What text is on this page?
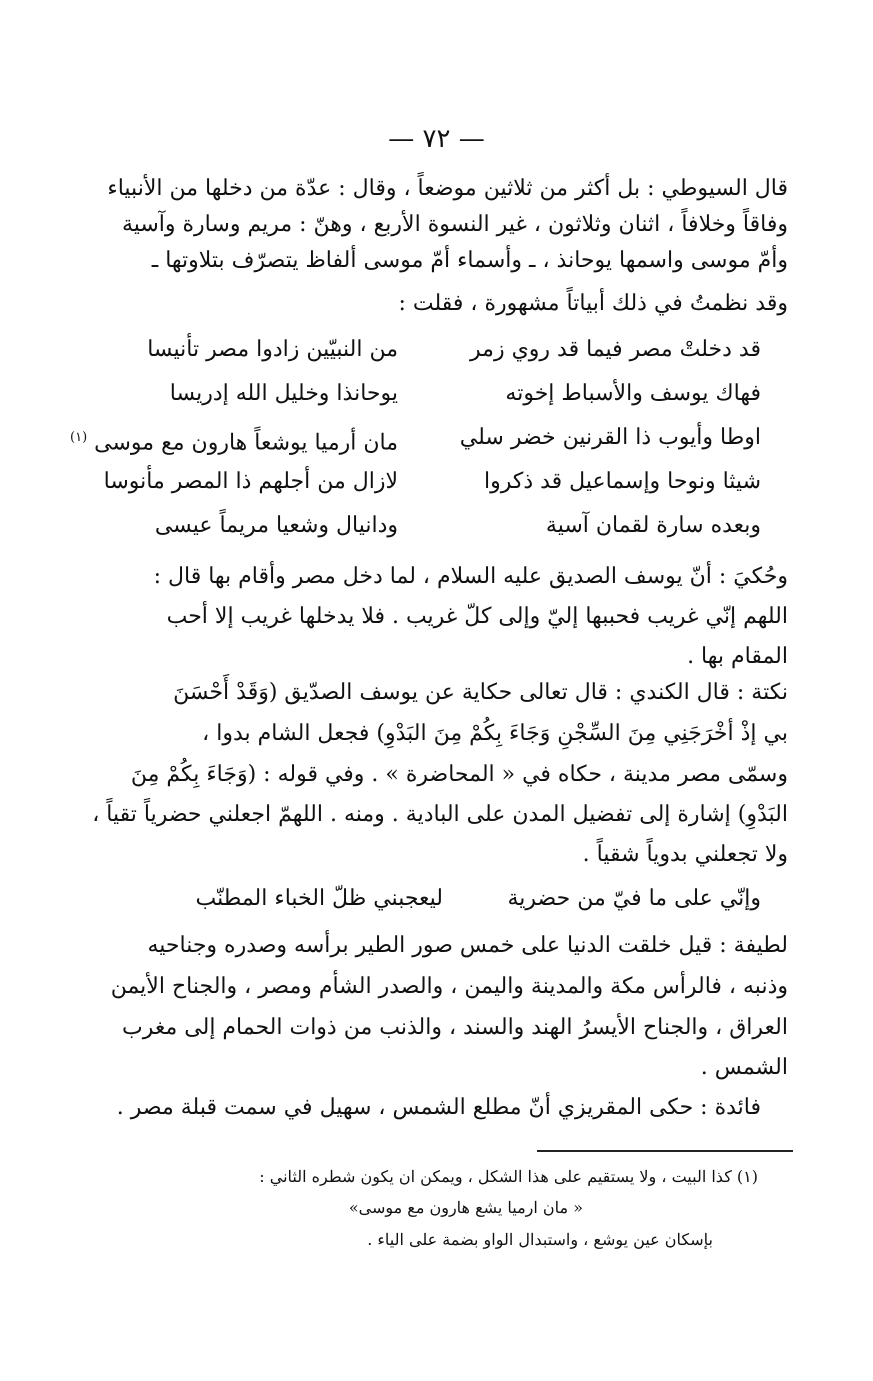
— ٧٢ —
قال السيوطي : بل أكثر من ثلاثين موضعاً ، وقال : عدّة من دخلها من الأنبياء
وفاقاً وخلافاً ، اثنان وثلاثون ، غير النسوة الأربع ، وهنّ : مريم وسارة وآسية
وأمّ موسى واسمها يوحانذ ، ـ وأسماء أمّ موسى ألفاظ يتصرّف بتلاوتها ـ
وقد نظمتُ في ذلك أبياتاً مشهورة ، فقلت :
قد دخلتْ مصر فيما قد روي زمر
من النبيّين زادوا مصر تأنيسا
فهاك يوسف والأسباط إخوته
يوحانذا وخليل الله إدريسا
اوطا وأيوب ذا القرنين خضر سلي
مان أرميا يوشعاً هارون مع موسى $^{(١)}$
شيثا ونوحا وإسماعيل قد ذكروا
لازال من أجلهم ذا المصر مأنوسا
وبعده سارة لقمان آسية
ودانيال وشعيا مريماً عيسى
وحُكيَ : أنّ يوسف الصديق عليه السلام ، لما دخل مصر وأقام بها قال :
اللهم إنّي غريب فحببها إليّ وإلى كلّ غريب . فلا يدخلها غريب إلا أحب
المقام بها .
نكتة : قال الكندي : قال تعالى حكاية عن يوسف الصدّيق (وَقَدْ أَحْسَنَ
بي إذْ أخْرَجَنِي مِنَ السِّجْنِ وَجَاءَ بِكُمْ مِنَ البَدْوِ) فجعل الشام بدوا ،
وسمّى مصر مدينة ، حكاه في « المحاضرة » . وفي قوله : (وَجَاءَ بِكُمْ مِنَ
البَدْوِ) إشارة إلى تفضيل المدن على البادية . ومنه . اللهمّ اجعلني حضرياً تقياً ،
ولا تجعلني بدوياً شقياً .
وإنّي على ما فيّ من حضرية
ليعجبني ظلّ الخباء المطنّب
لطيفة : قيل خلقت الدنيا على خمس صور الطير برأسه وصدره وجناحيه
وذنبه ، فالرأس مكة والمدينة واليمن ، والصدر الشأم ومصر ، والجناح الأيمن
العراق ، والجناح الأيسرُ الهند والسند ، والذنب من ذوات الحمام إلى مغرب
الشمس .
فائدة : حكى المقريزي أنّ مطلع الشمس ، سهيل في سمت قبلة مصر .
(١) كذا البيت ، ولا يستقيم على هذا الشكل ، ويمكن ان يكون شطره الثاني :
« مان ارميا يشع هارون مع موسى»
بإسكان عين يوشع ، واستبدال الواو بضمة على الياء .
